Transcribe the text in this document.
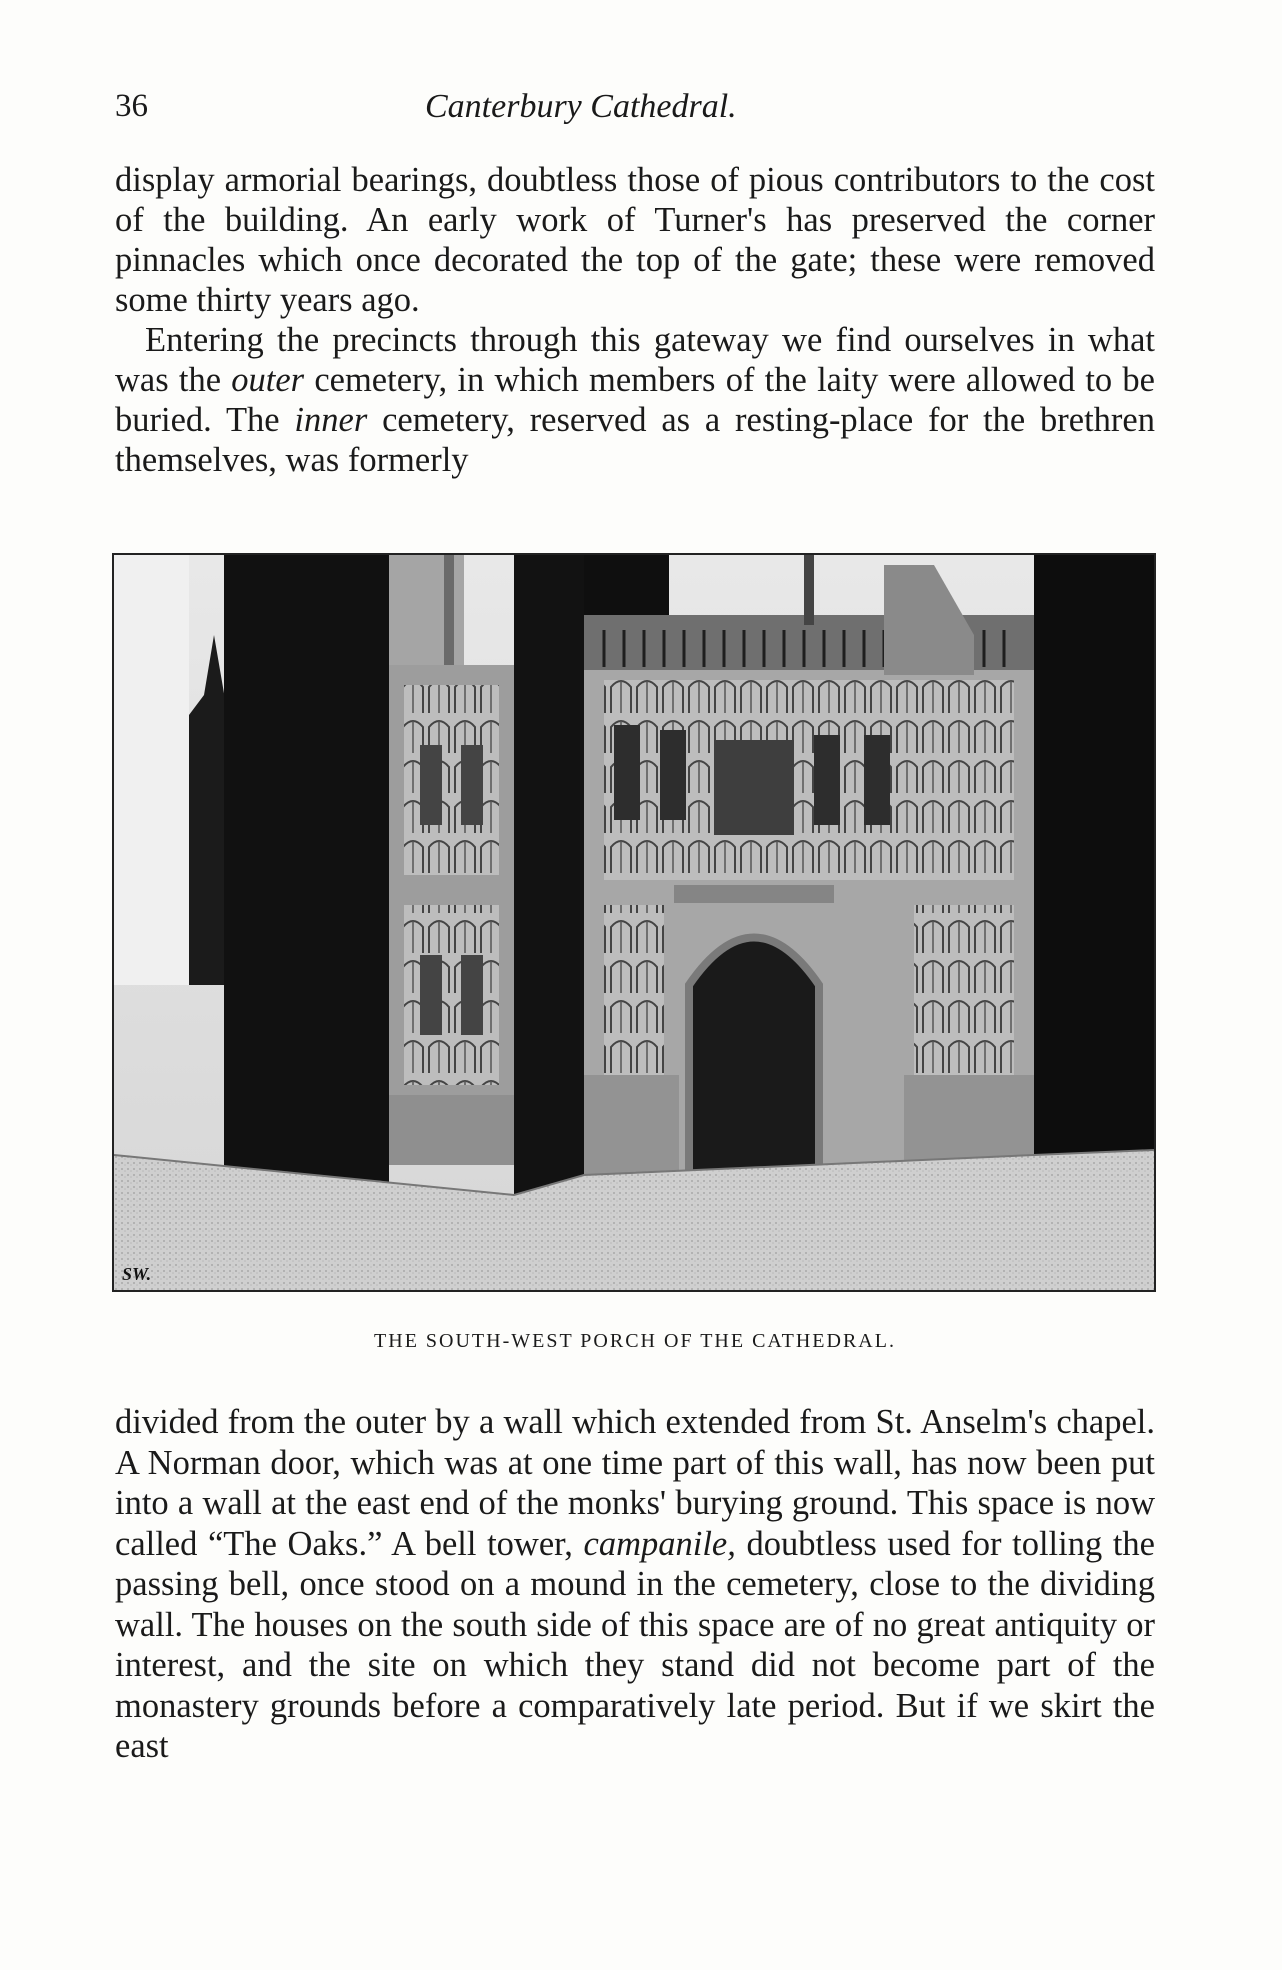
36	Canterbury Cathedral.
display armorial bearings, doubtless those of pious contributors to the cost of the building. An early work of Turner's has preserved the corner pinnacles which once decorated the top of the gate; these were removed some thirty years ago.
Entering the precincts through this gateway we find ourselves in what was the outer cemetery, in which members of the laity were allowed to be buried. The inner cemetery, reserved as a resting-place for the brethren themselves, was formerly
SW.
THE SOUTH-WEST PORCH OF THE CATHEDRAL.
divided from the outer by a wall which extended from St. Anselm's chapel. A Norman door, which was at one time part of this wall, has now been put into a wall at the east end of the monks' burying ground. This space is now called “The Oaks.” A bell tower, campanile, doubtless used for tolling the passing bell, once stood on a mound in the cemetery, close to the dividing wall. The houses on the south side of this space are of no great antiquity or interest, and the site on which they stand did not become part of the monastery grounds before a comparatively late period. But if we skirt the east
